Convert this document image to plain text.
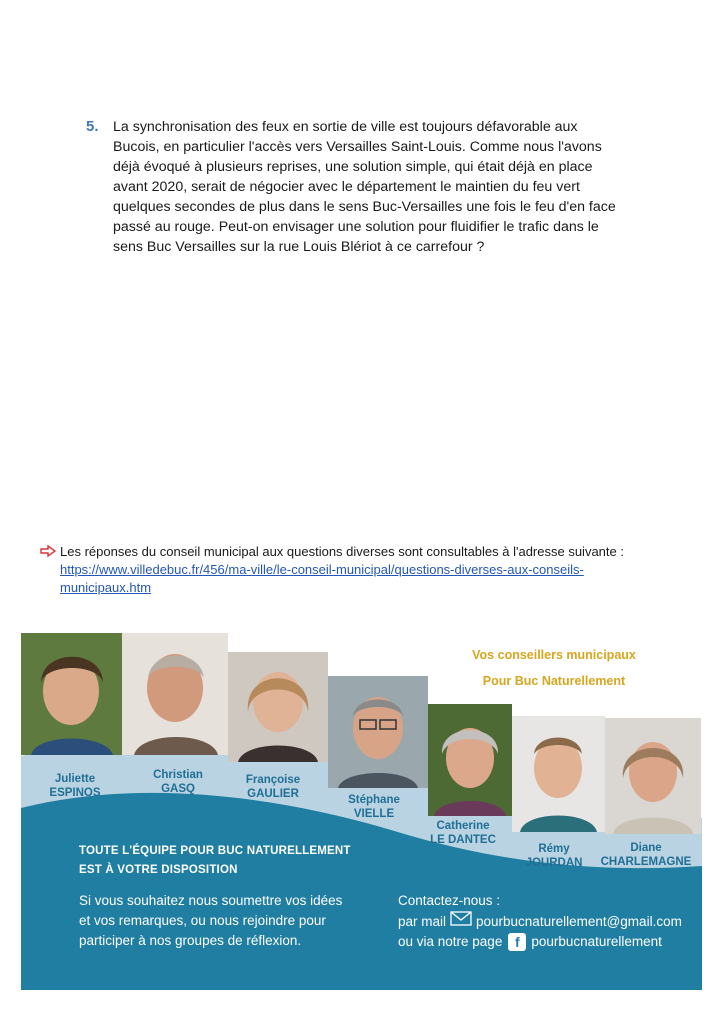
5.	La synchronisation des feux en sortie de ville est toujours défavorable aux
Bucois, en particulier l'accès vers Versailles Saint-Louis. Comme nous l'avons
déjà évoqué à plusieurs reprises, une solution simple, qui était déjà en place
avant 2020, serait de négocier avec le département le maintien du feu vert
quelques secondes de plus dans le sens Buc-Versailles une fois le feu d'en face
passé au rouge. Peut-on envisager une solution pour fluidifier le trafic dans le
sens Buc Versailles sur la rue Louis Blériot à ce carrefour ?
Les réponses du conseil municipal aux questions diverses sont consultables à l'adresse suivante :
https://www.villedebuc.fr/456/ma-ville/le-conseil-municipal/questions-diverses-aux-conseils-
municipaux.htm
Vos conseillers municipaux
Pour Buc Naturellement
Juliette
ESPINOS
Christian
GASQ
Françoise
GAULIER	Stéphane
VIELLE
Catherine
LE DANTEC
Rémy
JOURDAN
Diane
CHARLEMAGNE
TOUTE L'ÉQUIPE POUR BUC NATURELLEMENT
EST À VOTRE DISPOSITION
Si vous souhaitez nous soumettre vos idées
et vos remarques, ou nous rejoindre pour
participer à nos groupes de réflexion.
Contactez-nous :
par mail pourbucnaturellement@gmail.com
ou via notre page f pourbucnaturellement
